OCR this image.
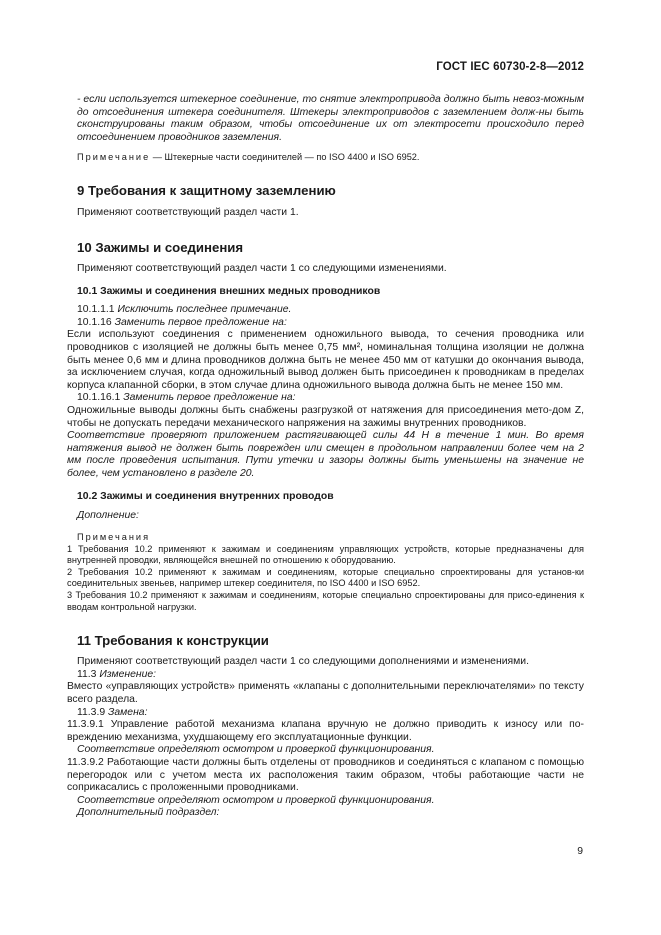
ГОСТ IEC 60730-2-8—2012

- если используется штекерное соединение, то снятие электропривода должно быть невоз-можным до отсоединения штекера соединителя. Штекеры электроприводов с заземлением долж-ны быть сконструированы таким образом, чтобы отсоединение их от электросети происходило перед отсоединением проводников заземления.

Примечание — Штекерные части соединителей — по ISO 4400 и ISO 6952.

9 Требования к защитному заземлению

Применяют соответствующий раздел части 1.

10 Зажимы и соединения

Применяют соответствующий раздел части 1 со следующими изменениями.

10.1 Зажимы и соединения внешних медных проводников

10.1.1.1 Исключить последнее примечание.

10.1.16 Заменить первое предложение на:

Если используют соединения с применением одножильного вывода, то сечения проводника или проводников с изоляцией не должны быть менее 0,75 мм², номинальная толщина изоляции не должна быть менее 0,6 мм и длина проводников должна быть не менее 450 мм от катушки до окончания вывода, за исключением случая, когда одножильный вывод должен быть присоединен к проводникам в пределах корпуса клапанной сборки, в этом случае длина одножильного вывода должна быть не менее 150 мм.

10.1.16.1 Заменить первое предложение на:

Одножильные выводы должны быть снабжены разгрузкой от натяжения для присоединения мето-дом Z, чтобы не допускать передачи механического напряжения на зажимы внутренних проводников.

Соответствие проверяют приложением растягивающей силы 44 Н в течение 1 мин. Во время натяжения вывод не должен быть поврежден или смещен в продольном направлении более чем на 2 мм после проведения испытания. Пути утечки и зазоры должны быть уменьшены на значение не более, чем установлено в разделе 20.

10.2 Зажимы и соединения внутренних проводов

Дополнение:

Примечания

1 Требования 10.2 применяют к зажимам и соединениям управляющих устройств, которые предназначены для внутренней проводки, являющейся внешней по отношению к оборудованию.

2 Требования 10.2 применяют к зажимам и соединениям, которые специально спроектированы для установ-ки соединительных звеньев, например штекер соединителя, по ISO 4400 и ISO 6952.

3 Требования 10.2 применяют к зажимам и соединениям, которые специально спроектированы для присо-единения к вводам контрольной нагрузки.

11 Требования к конструкции

Применяют соответствующий раздел части 1 со следующими дополнениями и изменениями.

11.3 Изменение:

Вместо «управляющих устройств» применять «клапаны с дополнительными переключателями» по тексту всего раздела.

11.3.9 Замена:

11.3.9.1 Управление работой механизма клапана вручную не должно приводить к износу или по-вреждению механизма, ухудшающему его эксплуатационные функции.

Соответствие определяют осмотром и проверкой функционирования.

11.3.9.2 Работающие части должны быть отделены от проводников и соединяться с клапаном с помощью перегородок или с учетом места их расположения таким образом, чтобы работающие части не соприкасались с проложенными проводниками.

Соответствие определяют осмотром и проверкой функционирования.

Дополнительный подраздел:

9
